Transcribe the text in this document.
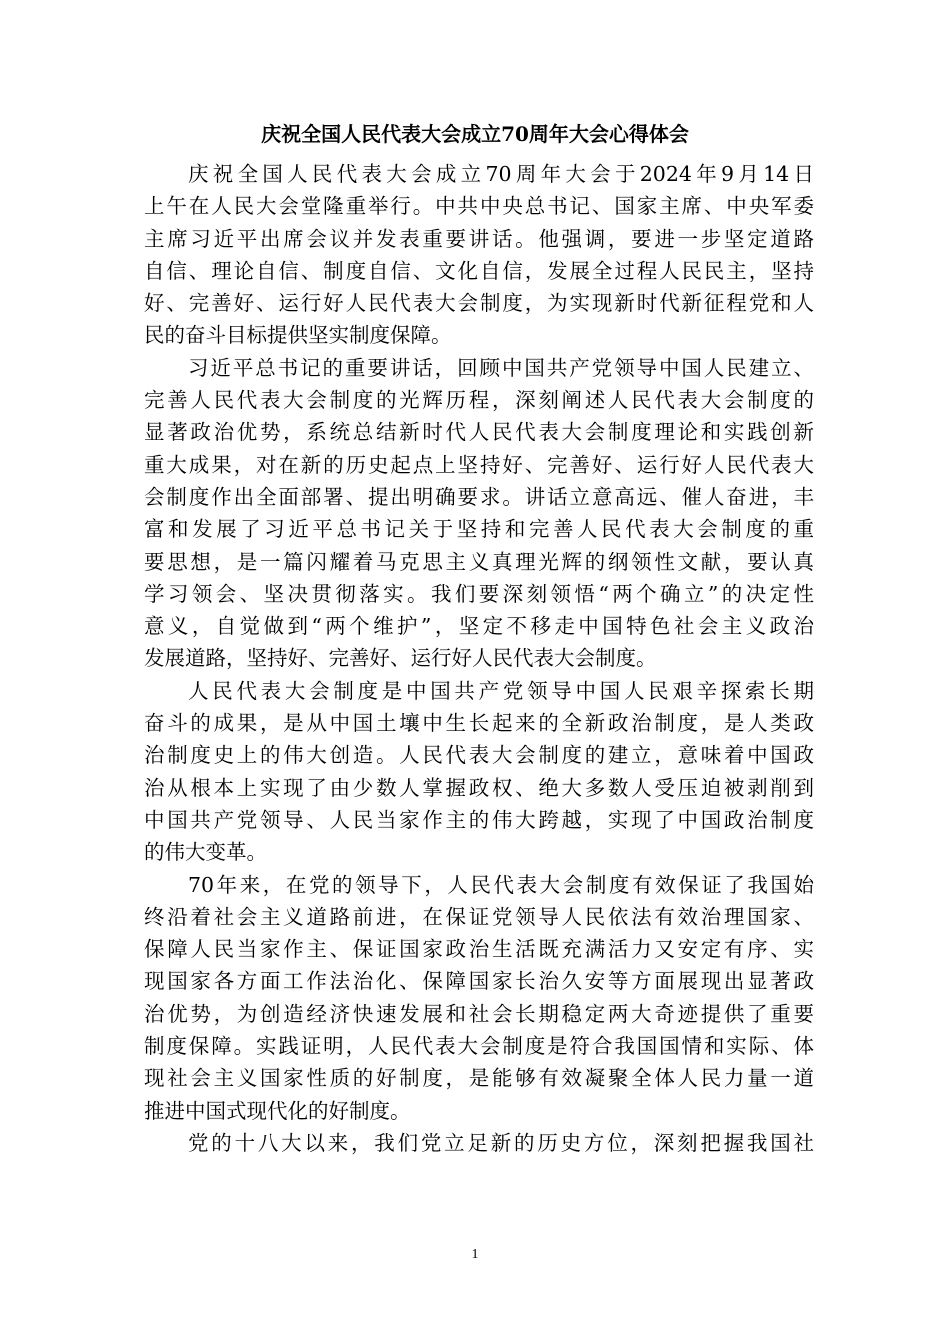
庆祝全国人民代表大会成立70周年大会心得体会
庆祝全国人民代表大会成立70周年大会于2024年9月14日
上午在人民大会堂隆重举行。中共中央总书记、国家主席、中央军委
主席习近平出席会议并发表重要讲话。他强调，要进一步坚定道路
自信、理论自信、制度自信、文化自信，发展全过程人民民主，坚持
好、完善好、运行好人民代表大会制度，为实现新时代新征程党和人
民的奋斗目标提供坚实制度保障。
习近平总书记的重要讲话，回顾中国共产党领导中国人民建立、
完善人民代表大会制度的光辉历程，深刻阐述人民代表大会制度的
显著政治优势，系统总结新时代人民代表大会制度理论和实践创新
重大成果，对在新的历史起点上坚持好、完善好、运行好人民代表大
会制度作出全面部署、提出明确要求。讲话立意高远、催人奋进，丰
富和发展了习近平总书记关于坚持和完善人民代表大会制度的重
要思想，是一篇闪耀着马克思主义真理光辉的纲领性文献，要认真
学习领会、坚决贯彻落实。我们要深刻领悟“两个确立”的决定性
意义，自觉做到“两个维护”，坚定不移走中国特色社会主义政治
发展道路，坚持好、完善好、运行好人民代表大会制度。
人民代表大会制度是中国共产党领导中国人民艰辛探索长期
奋斗的成果，是从中国土壤中生长起来的全新政治制度，是人类政
治制度史上的伟大创造。人民代表大会制度的建立，意味着中国政
治从根本上实现了由少数人掌握政权、绝大多数人受压迫被剥削到
中国共产党领导、人民当家作主的伟大跨越，实现了中国政治制度
的伟大变革。
70年来，在党的领导下，人民代表大会制度有效保证了我国始
终沿着社会主义道路前进，在保证党领导人民依法有效治理国家、
保障人民当家作主、保证国家政治生活既充满活力又安定有序、实
现国家各方面工作法治化、保障国家长治久安等方面展现出显著政
治优势，为创造经济快速发展和社会长期稳定两大奇迹提供了重要
制度保障。实践证明，人民代表大会制度是符合我国国情和实际、体
现社会主义国家性质的好制度，是能够有效凝聚全体人民力量一道
推进中国式现代化的好制度。
党的十八大以来，我们党立足新的历史方位，深刻把握我国社
1
